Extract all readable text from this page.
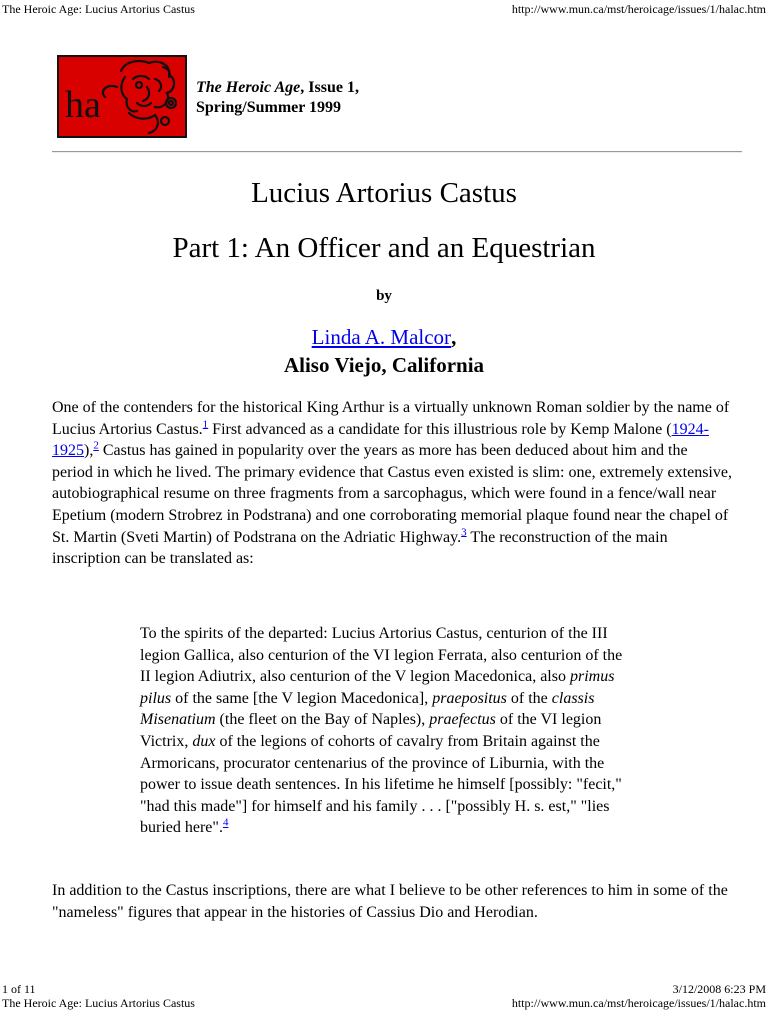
The Heroic Age: Lucius Artorius Castus	http://www.mun.ca/mst/heroicage/issues/1/halac.htm
ha	The Heroic Age, Issue 1,
Spring/Summer 1999
Lucius Artorius Castus
Part 1: An Officer and an Equestrian
by
Linda A. Malcor,
Aliso Viejo, California
One of the contenders for the historical King Arthur is a virtually unknown Roman soldier by the name of Lucius Artorius Castus.$^1$ First advanced as a candidate for this illustrious role by Kemp Malone (1924-1925),$^2$ Castus has gained in popularity over the years as more has been deduced about him and the period in which he lived. The primary evidence that Castus even existed is slim: one, extremely extensive, autobiographical resume on three fragments from a sarcophagus, which were found in a fence/wall near Epetium (modern Strobrez in Podstrana) and one corroborating memorial plaque found near the chapel of St. Martin (Sveti Martin) of Podstrana on the Adriatic Highway.$^3$ The reconstruction of the main inscription can be translated as:
To the spirits of the departed: Lucius Artorius Castus, centurion of the III legion Gallica, also centurion of the VI legion Ferrata, also centurion of the II legion Adiutrix, also centurion of the V legion Macedonica, also primus pilus of the same [the V legion Macedonica], praepositus of the classis Misenatium (the fleet on the Bay of Naples), praefectus of the VI legion Victrix, dux of the legions of cohorts of cavalry from Britain against the Armoricans, procurator centenarius of the province of Liburnia, with the power to issue death sentences. In his lifetime he himself [possibly: "fecit," "had this made"] for himself and his family . . . ["possibly H. s. est," "lies buried here".$^4$
In addition to the Castus inscriptions, there are what I believe to be other references to him in some of the "nameless" figures that appear in the histories of Cassius Dio and Herodian.
1 of 11	3/12/2008 6:23 PM
The Heroic Age: Lucius Artorius Castus	http://www.mun.ca/mst/heroicage/issues/1/halac.htm
